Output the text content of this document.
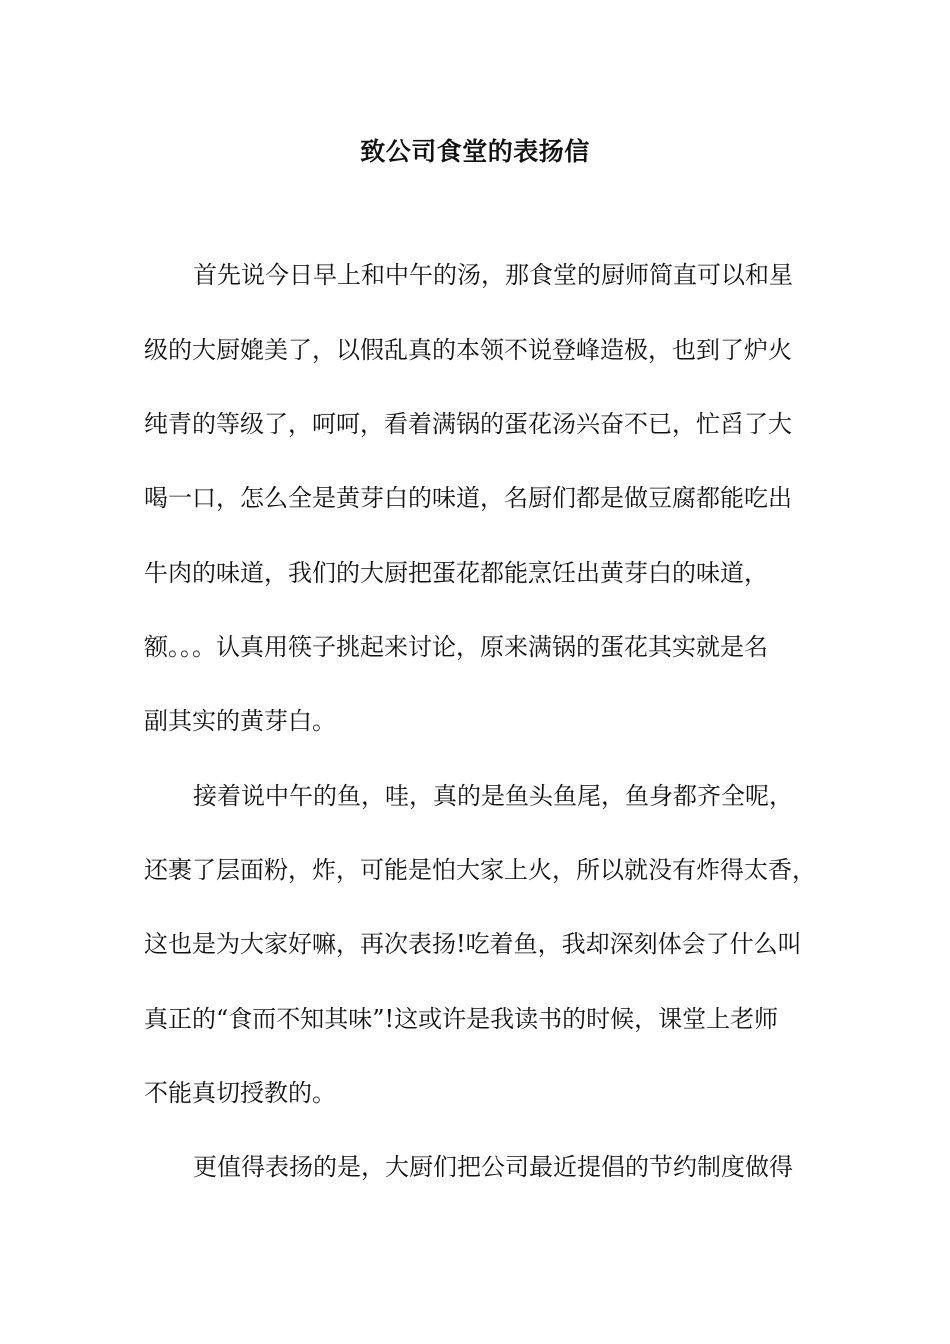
致公司食堂的表扬信
首先说今日早上和中午的汤，那食堂的厨师简直可以和星
级的大厨媲美了，以假乱真的本领不说登峰造极，也到了炉火
纯青的等级了，呵呵，看着满锅的蛋花汤兴奋不已，忙舀了大
喝一口，怎么全是黄芽白的味道，名厨们都是做豆腐都能吃出
牛肉的味道，我们的大厨把蛋花都能烹饪出黄芽白的味道，
额。。。认真用筷子挑起来讨论，原来满锅的蛋花其实就是名
副其实的黄芽白。
接着说中午的鱼，哇，真的是鱼头鱼尾，鱼身都齐全呢，
还裹了层面粉，炸，可能是怕大家上火，所以就没有炸得太香，
这也是为大家好嘛，再次表扬!吃着鱼，我却深刻体会了什么叫
真正的“食而不知其味”!这或许是我读书的时候，课堂上老师
不能真切授教的。
更值得表扬的是，大厨们把公司最近提倡的节约制度做得
